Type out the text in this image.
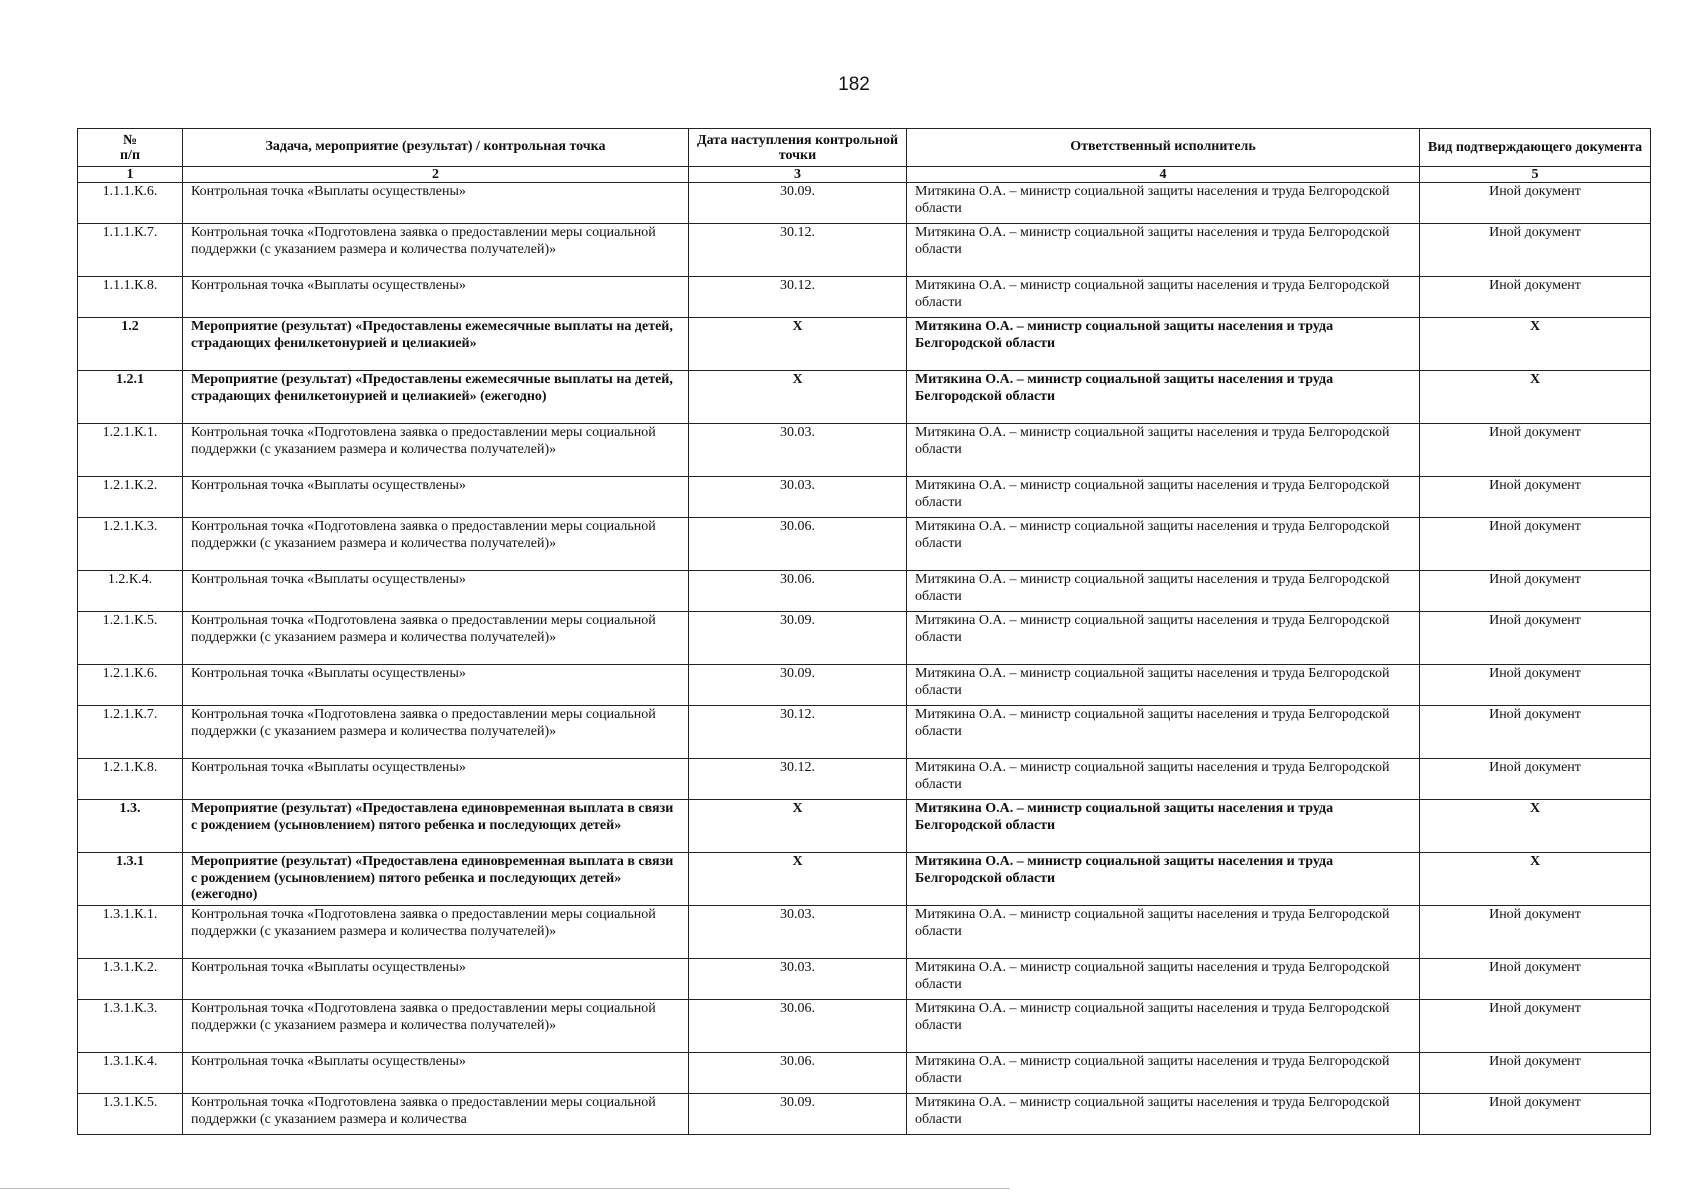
182
№
п/п	Задача, мероприятие (результат) / контрольная точка	Дата наступления контрольной точки	Ответственный исполнитель	Вид подтверждающего документа
1	2	3	4	5
1.1.1.К.6.	Контрольная точка «Выплаты осуществлены»	30.09.	Митякина О.А. – министр социальной защиты населения и труда Белгородской области	Иной документ
1.1.1.К.7.	Контрольная точка «Подготовлена заявка о предоставлении меры социальной поддержки (с указанием размера и количества получателей)»	30.12.	Митякина О.А. – министр социальной защиты населения и труда Белгородской области	Иной документ
1.1.1.К.8.	Контрольная точка «Выплаты осуществлены»	30.12.	Митякина О.А. – министр социальной защиты населения и труда Белгородской области	Иной документ
1.2	Мероприятие (результат) «Предоставлены ежемесячные выплаты на детей, страдающих фенилкетонурией и целиакией»	X	Митякина О.А. – министр социальной защиты населения и труда Белгородской области	X
1.2.1	Мероприятие (результат) «Предоставлены ежемесячные выплаты на детей, страдающих фенилкетонурией и целиакией» (ежегодно)	X	Митякина О.А. – министр социальной защиты населения и труда Белгородской области	X
1.2.1.К.1.	Контрольная точка «Подготовлена заявка о предоставлении меры социальной поддержки (с указанием размера и количества получателей)»	30.03.	Митякина О.А. – министр социальной защиты населения и труда Белгородской области	Иной документ
1.2.1.К.2.	Контрольная точка «Выплаты осуществлены»	30.03.	Митякина О.А. – министр социальной защиты населения и труда Белгородской области	Иной документ
1.2.1.К.3.	Контрольная точка «Подготовлена заявка о предоставлении меры социальной поддержки (с указанием размера и количества получателей)»	30.06.	Митякина О.А. – министр социальной защиты населения и труда Белгородской области	Иной документ
1.2.К.4.	Контрольная точка «Выплаты осуществлены»	30.06.	Митякина О.А. – министр социальной защиты населения и труда Белгородской области	Иной документ
1.2.1.К.5.	Контрольная точка «Подготовлена заявка о предоставлении меры социальной поддержки (с указанием размера и количества получателей)»	30.09.	Митякина О.А. – министр социальной защиты населения и труда Белгородской области	Иной документ
1.2.1.К.6.	Контрольная точка «Выплаты осуществлены»	30.09.	Митякина О.А. – министр социальной защиты населения и труда Белгородской области	Иной документ
1.2.1.К.7.	Контрольная точка «Подготовлена заявка о предоставлении меры социальной поддержки (с указанием размера и количества получателей)»	30.12.	Митякина О.А. – министр социальной защиты населения и труда Белгородской области	Иной документ
1.2.1.К.8.	Контрольная точка «Выплаты осуществлены»	30.12.	Митякина О.А. – министр социальной защиты населения и труда Белгородской области	Иной документ
1.3.	Мероприятие (результат) «Предоставлена единовременная выплата в связи с рождением (усыновлением) пятого ребенка и последующих детей»	X	Митякина О.А. – министр социальной защиты населения и труда Белгородской области	X
1.3.1	Мероприятие (результат) «Предоставлена единовременная выплата в связи с рождением (усыновлением) пятого ребенка и последующих детей» (ежегодно)	X	Митякина О.А. – министр социальной защиты населения и труда Белгородской области	X
1.3.1.К.1.	Контрольная точка «Подготовлена заявка о предоставлении меры социальной поддержки (с указанием размера и количества получателей)»	30.03.	Митякина О.А. – министр социальной защиты населения и труда Белгородской области	Иной документ
1.3.1.К.2.	Контрольная точка «Выплаты осуществлены»	30.03.	Митякина О.А. – министр социальной защиты населения и труда Белгородской области	Иной документ
1.3.1.К.3.	Контрольная точка «Подготовлена заявка о предоставлении меры социальной поддержки (с указанием размера и количества получателей)»	30.06.	Митякина О.А. – министр социальной защиты населения и труда Белгородской области	Иной документ
1.3.1.К.4.	Контрольная точка «Выплаты осуществлены»	30.06.	Митякина О.А. – министр социальной защиты населения и труда Белгородской области	Иной документ
1.3.1.К.5.	Контрольная точка «Подготовлена заявка о предоставлении меры социальной поддержки (с указанием размера и количества	30.09.	Митякина О.А. – министр социальной защиты населения и труда Белгородской области	Иной документ
